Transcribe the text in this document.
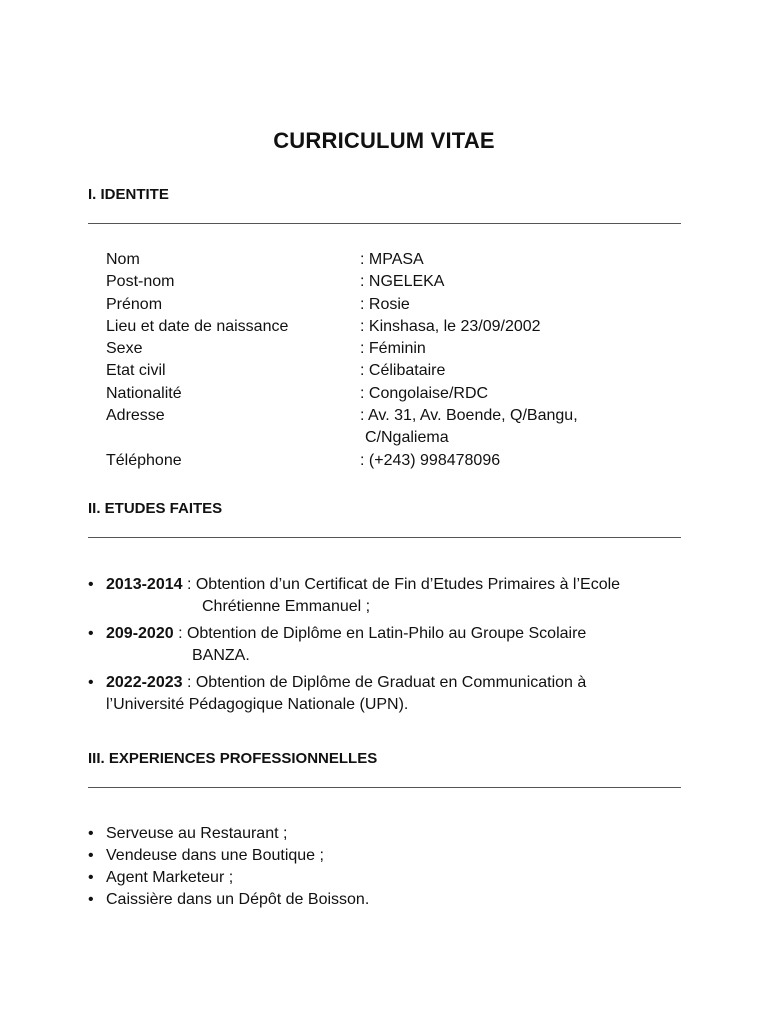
CURRICULUM VITAE
I. IDENTITE
Nom	: MPASA
Post-nom	: NGELEKA
Prénom	: Rosie
Lieu et date de naissance	: Kinshasa, le 23/09/2002
Sexe	: Féminin
Etat civil	: Célibataire
Nationalité	: Congolaise/RDC
Adresse	: Av. 31, Av. Boende, Q/Bangu,
C/Ngaliema
Téléphone	: (+243) 998478096
II. ETUDES FAITES
• 2013-2014 : Obtention d’un Certificat de Fin d’Etudes Primaires à l’Ecole
Chrétienne Emmanuel ;
• 209-2020 : Obtention de Diplôme en Latin-Philo au Groupe Scolaire
BANZA.
• 2022-2023 : Obtention de Diplôme de Graduat en Communication à
l’Université Pédagogique Nationale (UPN).
III. EXPERIENCES PROFESSIONNELLES
• Serveuse au Restaurant ;
• Vendeuse dans une Boutique ;
• Agent Marketeur ;
• Caissière dans un Dépôt de Boisson.
